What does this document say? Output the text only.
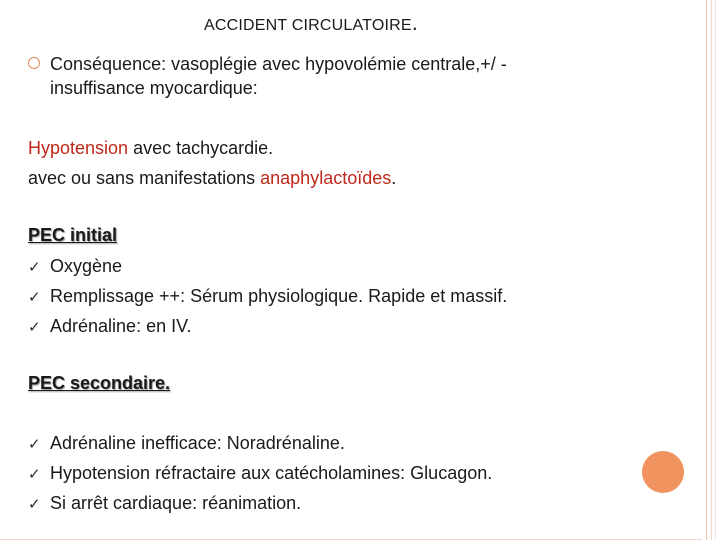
ACCIDENT CIRCULATOIRE.
Conséquence: vasoplégie avec hypovolémie centrale,+/ -
insuffisance myocardique:
Hypotension avec tachycardie.
avec ou sans manifestations anaphylactoïdes.
PEC initial
✓ Oxygène
✓ Remplissage ++: Sérum physiologique. Rapide et massif.
✓ Adrénaline: en IV.
PEC secondaire.
✓ Adrénaline inefficace: Noradrénaline.
✓ Hypotension réfractaire aux catécholamines: Glucagon.
✓ Si arrêt cardiaque: réanimation.
